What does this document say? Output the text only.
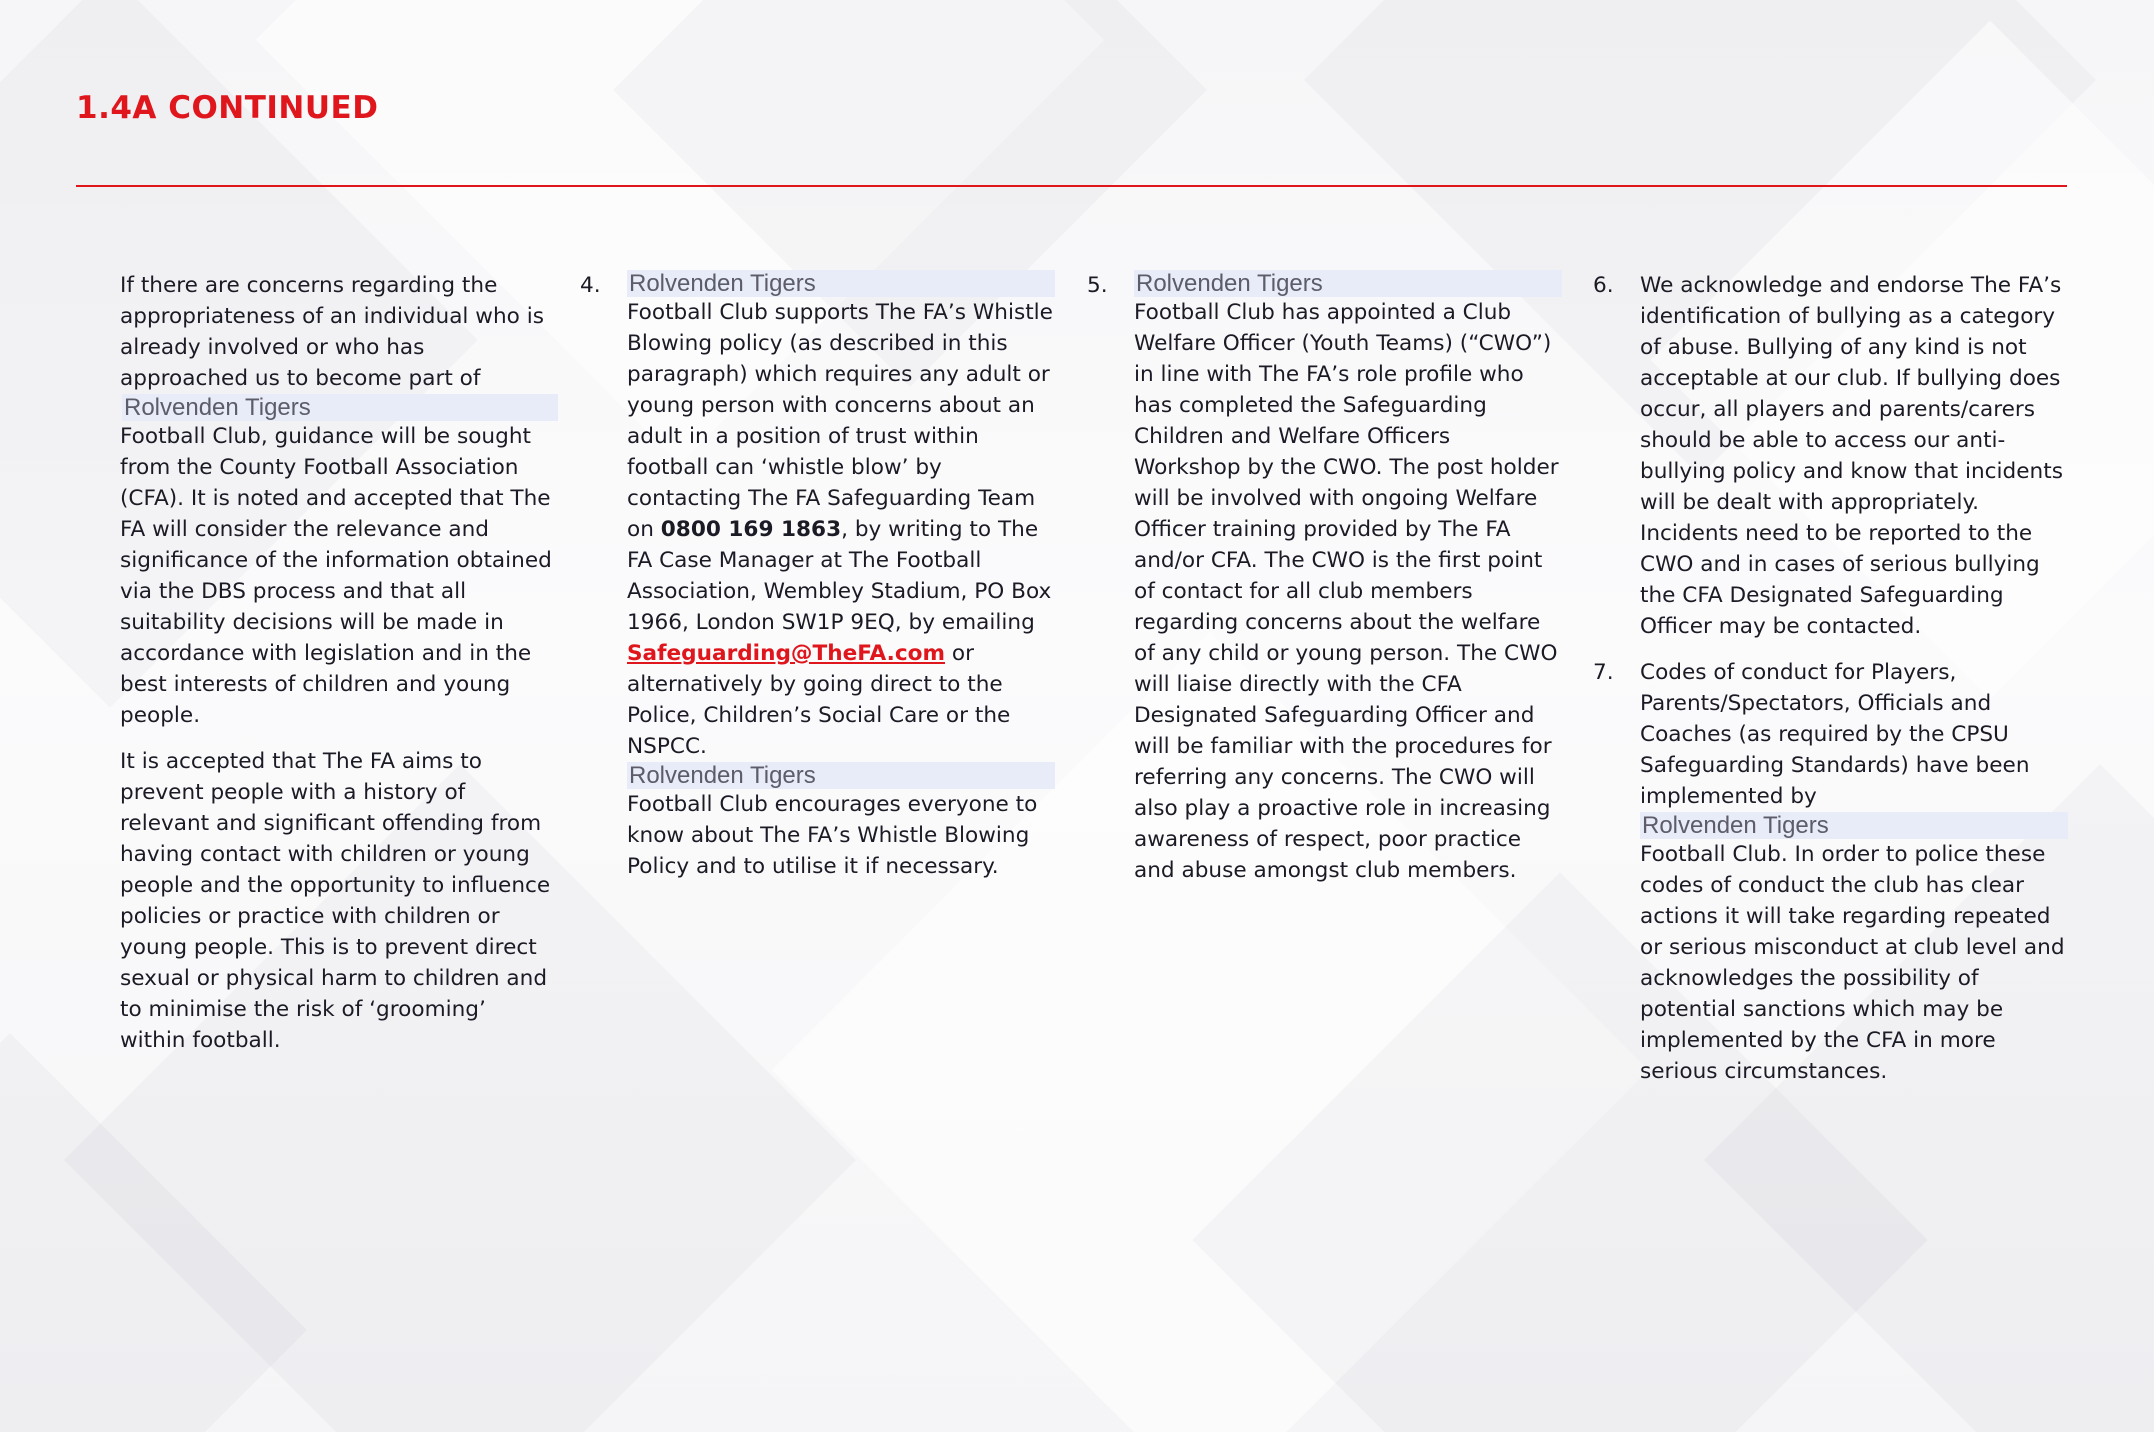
1.4A CONTINUED

If there are concerns regarding the appropriateness of an individual who is already involved or who has approached us to become part of

Rolvenden Tigers

Football Club, guidance will be sought from the County Football Association (CFA). It is noted and accepted that The FA will consider the relevance and significance of the information obtained via the DBS process and that all suitability decisions will be made in accordance with legislation and in the best interests of children and young people.

It is accepted that The FA aims to prevent people with a history of relevant and significant offending from having contact with children or young people and the opportunity to influence policies or practice with children or young people. This is to prevent direct sexual or physical harm to children and to minimise the risk of ‘grooming’ within football.

4. Rolvenden Tigers

Football Club supports The FA’s Whistle Blowing policy (as described in this paragraph) which requires any adult or young person with concerns about an adult in a position of trust within football can ‘whistle blow’ by contacting The FA Safeguarding Team on 0800 169 1863, by writing to The FA Case Manager at The Football Association, Wembley Stadium, PO Box 1966, London SW1P 9EQ, by emailing Safeguarding@TheFA.com or alternatively by going direct to the Police, Children’s Social Care or the NSPCC.

Rolvenden Tigers

Football Club encourages everyone to know about The FA’s Whistle Blowing Policy and to utilise it if necessary.

5. Rolvenden Tigers

Football Club has appointed a Club Welfare Officer (Youth Teams) (“CWO”) in line with The FA’s role profile who has completed the Safeguarding Children and Welfare Officers Workshop by the CWO. The post holder will be involved with ongoing Welfare Officer training provided by The FA and/or CFA. The CWO is the first point of contact for all club members regarding concerns about the welfare of any child or young person. The CWO will liaise directly with the CFA Designated Safeguarding Officer and will be familiar with the procedures for referring any concerns. The CWO will also play a proactive role in increasing awareness of respect, poor practice and abuse amongst club members.

6. We acknowledge and endorse The FA’s identification of bullying as a category of abuse. Bullying of any kind is not acceptable at our club. If bullying does occur, all players and parents/carers should be able to access our anti-bullying policy and know that incidents will be dealt with appropriately. Incidents need to be reported to the CWO and in cases of serious bullying the CFA Designated Safeguarding Officer may be contacted.

7. Codes of conduct for Players, Parents/Spectators, Officials and Coaches (as required by the CPSU Safeguarding Standards) have been implemented by

Rolvenden Tigers

Football Club. In order to police these codes of conduct the club has clear actions it will take regarding repeated or serious misconduct at club level and acknowledges the possibility of potential sanctions which may be implemented by the CFA in more serious circumstances.
